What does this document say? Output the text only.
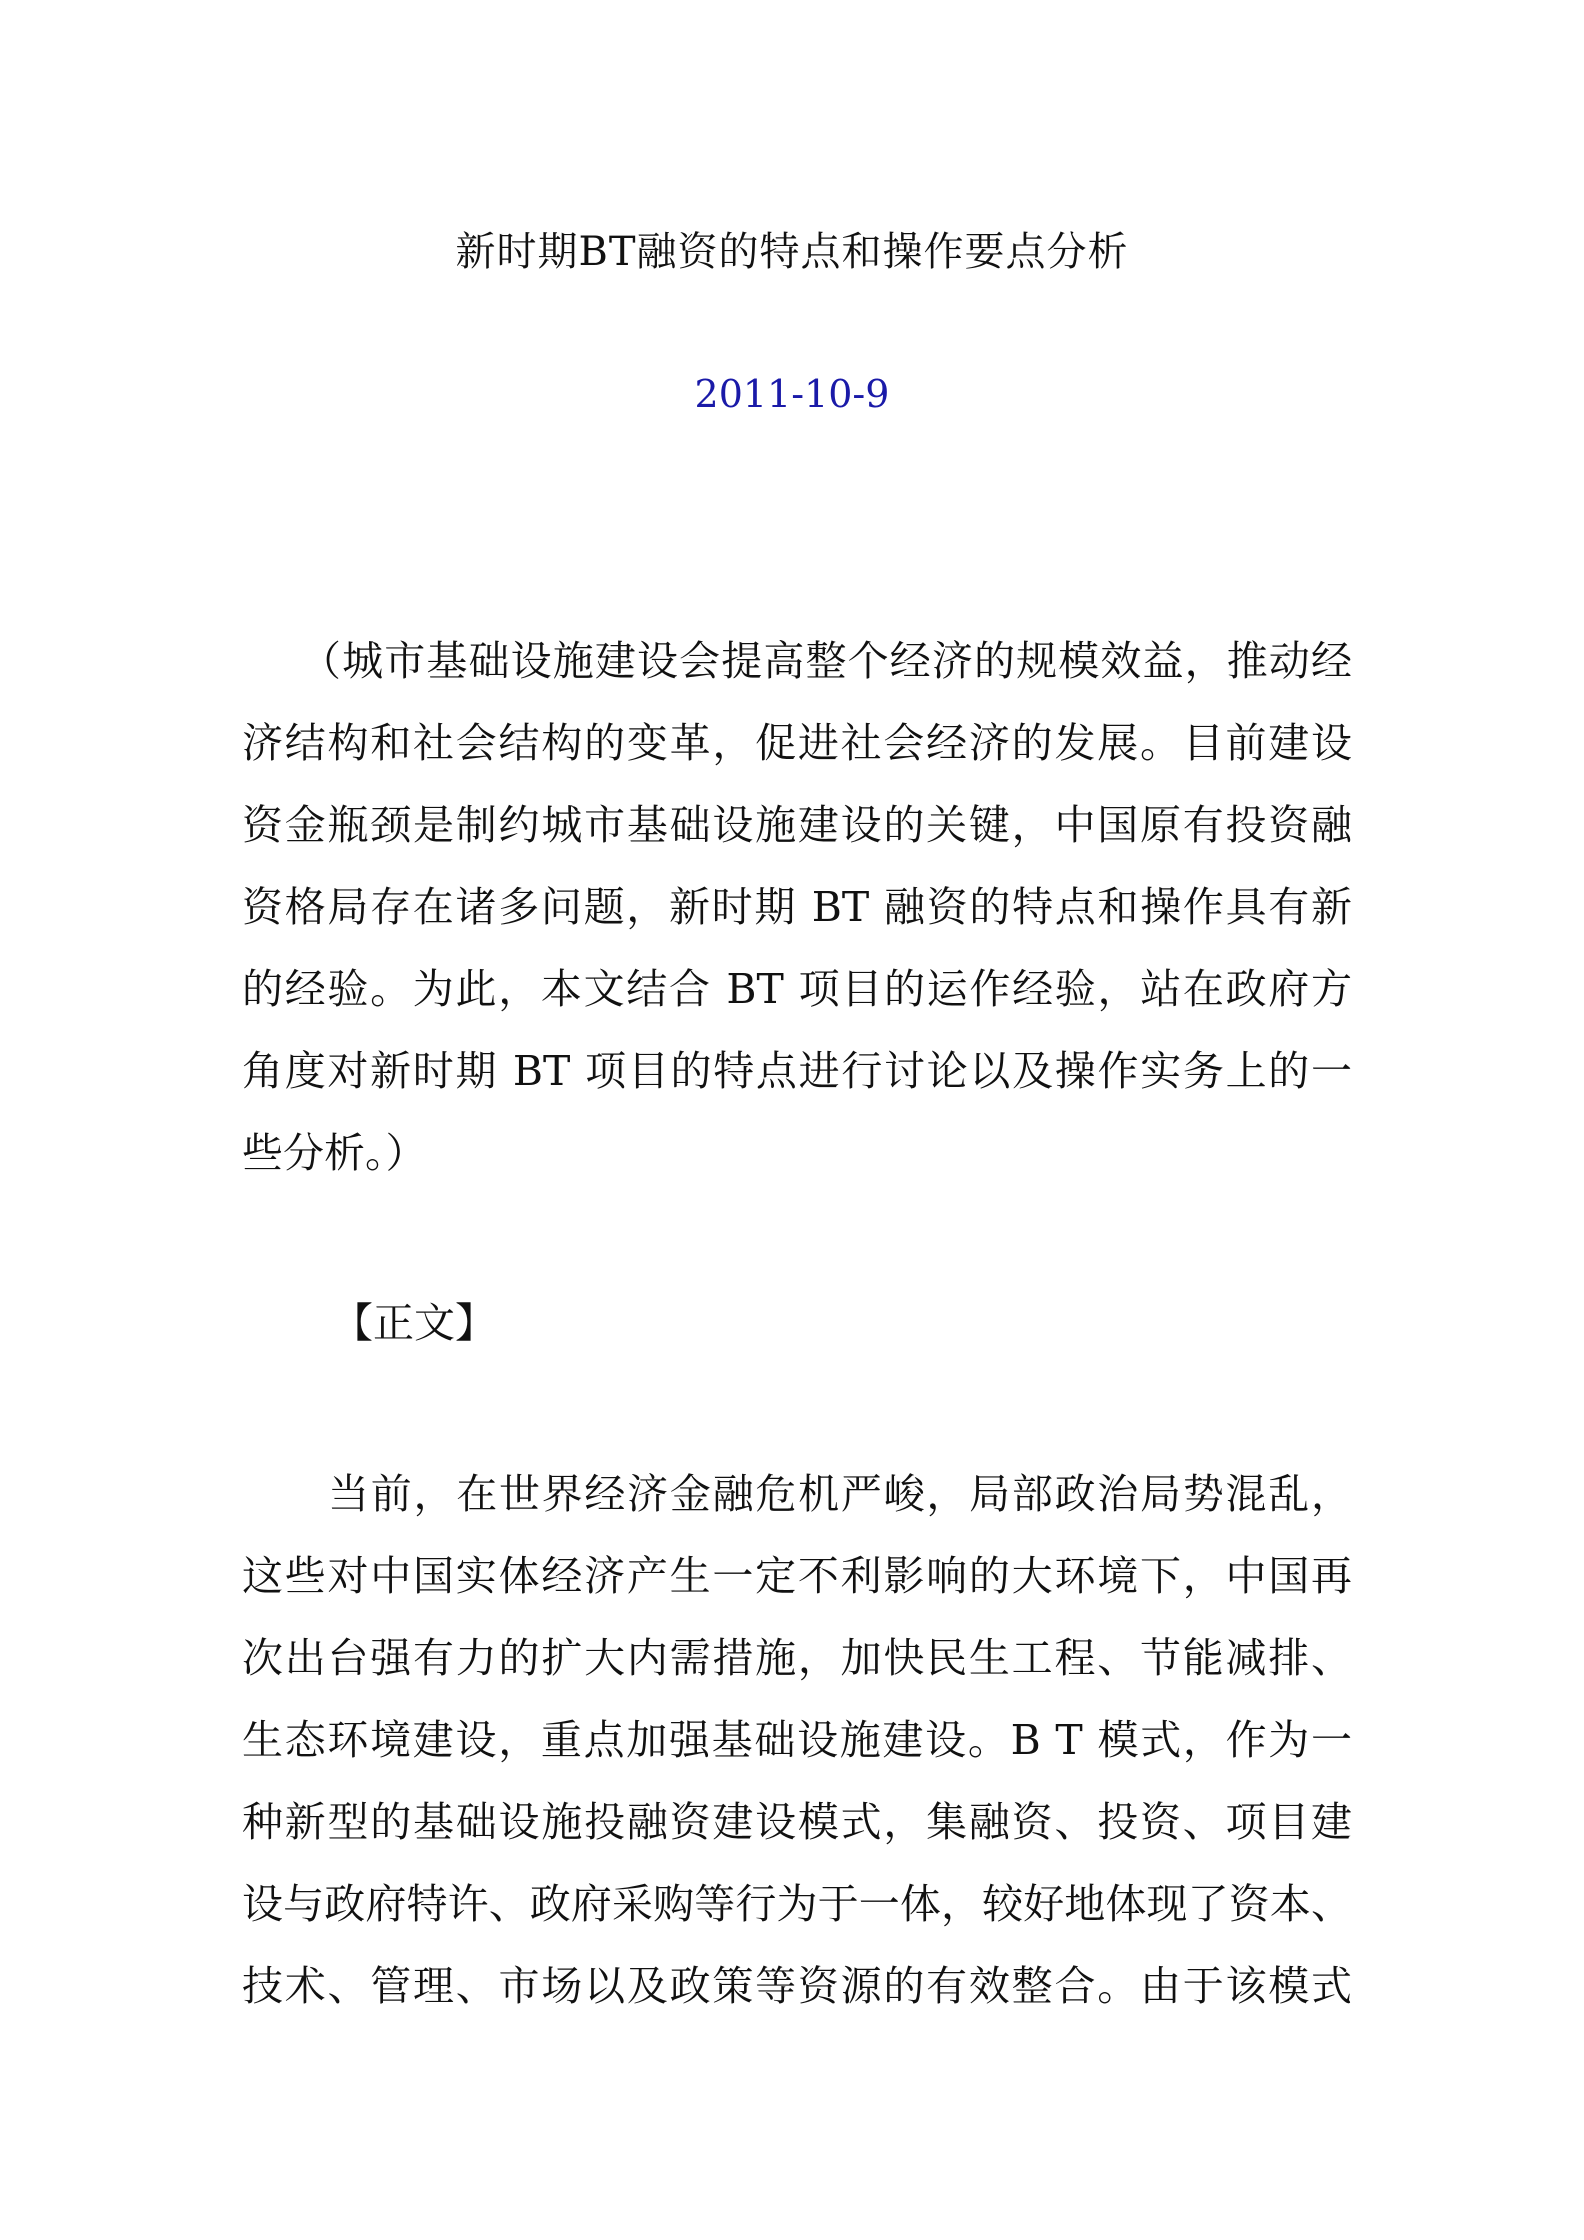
新时期BT融资的特点和操作要点分析
2011-10-9
（城市基础设施建设会提高整个经济的规模效益，推动经
济结构和社会结构的变革，促进社会经济的发展。目前建设
资金瓶颈是制约城市基础设施建设的关键，中国原有投资融
资格局存在诸多问题，新时期 BT 融资的特点和操作具有新
的经验。为此，本文结合 BT 项目的运作经验，站在政府方
角度对新时期 BT 项目的特点进行讨论以及操作实务上的一
些分析。）
【正文】
当前，在世界经济金融危机严峻，局部政治局势混乱，
这些对中国实体经济产生一定不利影响的大环境下，中国再
次出台强有力的扩大内需措施，加快民生工程、节能减排、
生态环境建设，重点加强基础设施建设。B T 模式，作为一
种新型的基础设施投融资建设模式，集融资、投资、项目建
设与政府特许、政府采购等行为于一体，较好地体现了资本、
技术、管理、市场以及政策等资源的有效整合。由于该模式
